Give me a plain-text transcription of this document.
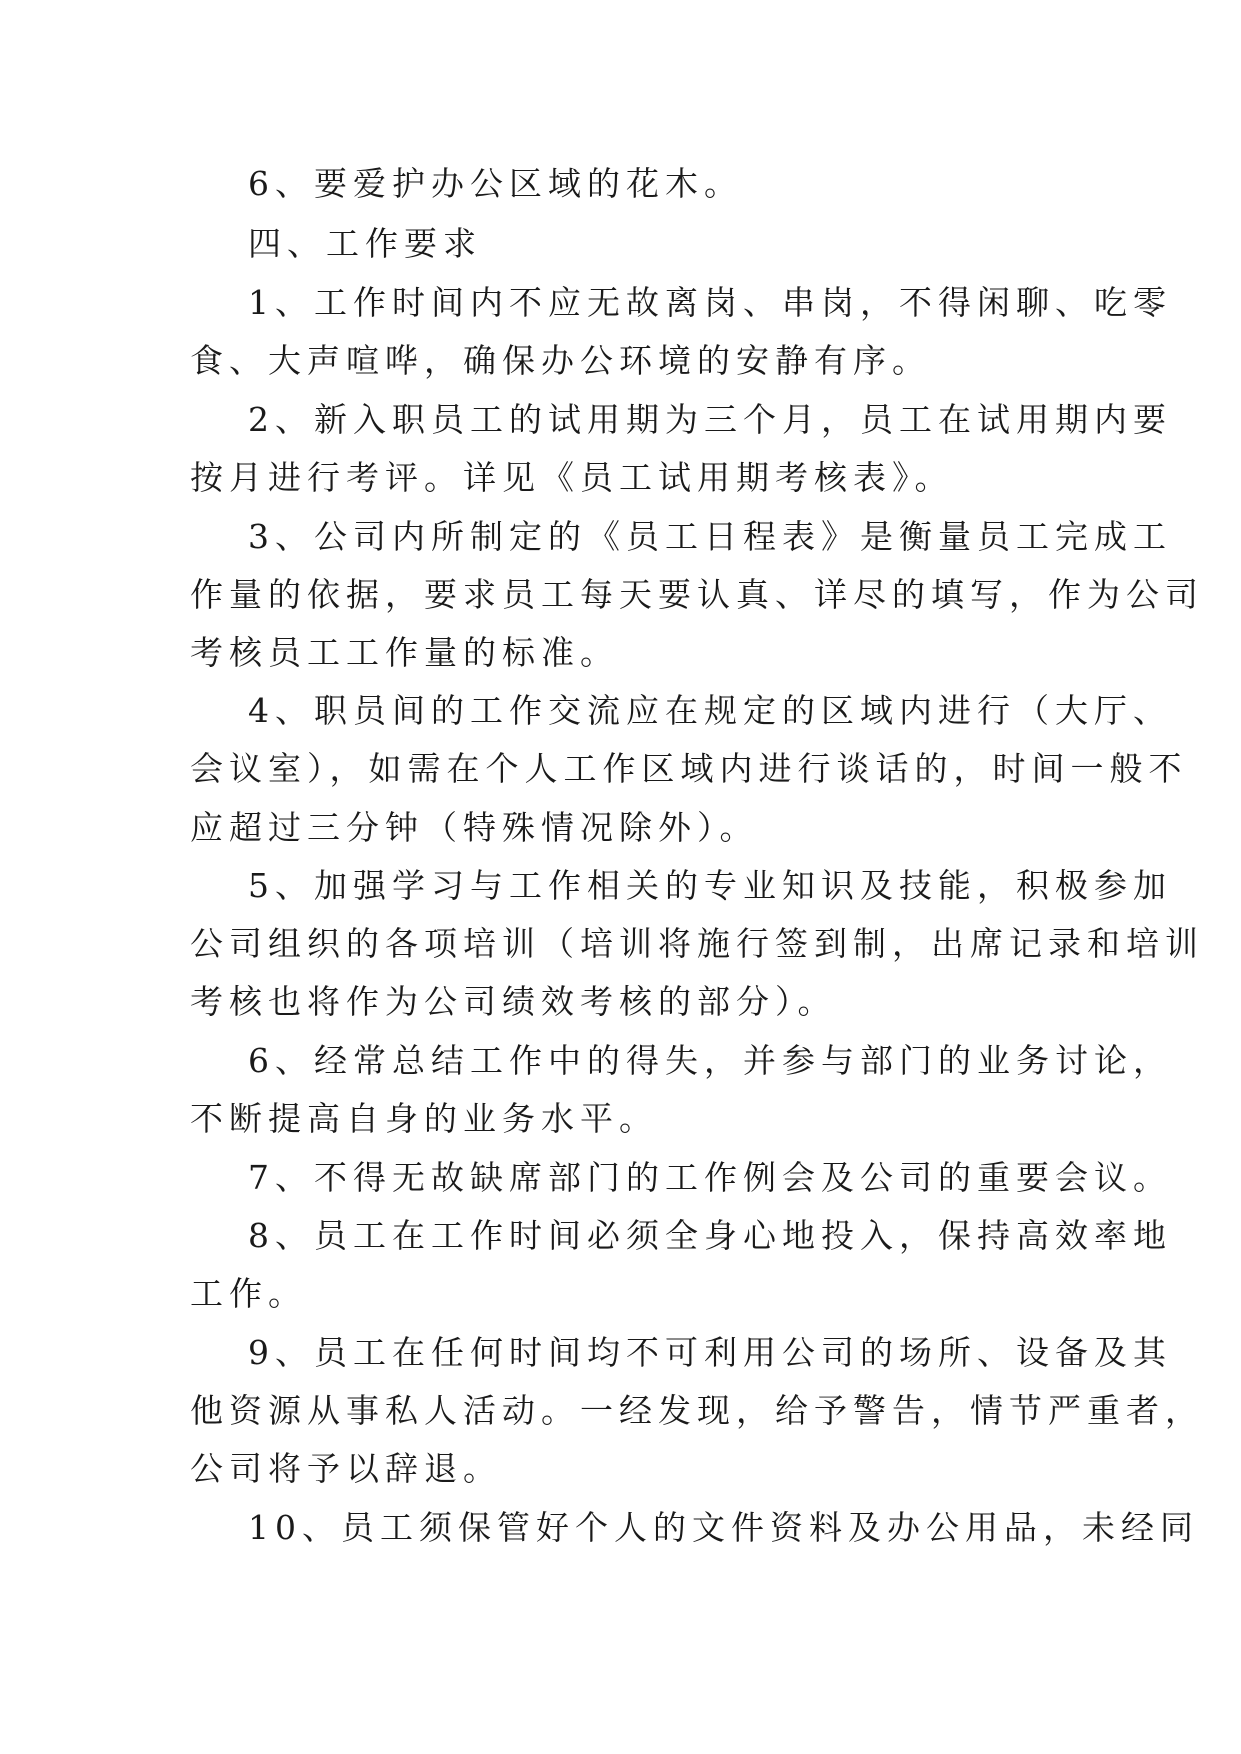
6、要爱护办公区域的花木。

四、工作要求

1、工作时间内不应无故离岗、串岗，不得闲聊、吃零

食、大声喧哗，确保办公环境的安静有序。

2、新入职员工的试用期为三个月，员工在试用期内要

按月进行考评。详见《员工试用期考核表》。

3、公司内所制定的《员工日程表》是衡量员工完成工

作量的依据，要求员工每天要认真、详尽的填写，作为公司

考核员工工作量的标准。

4、职员间的工作交流应在规定的区域内进行（大厅、

会议室），如需在个人工作区域内进行谈话的，时间一般不

应超过三分钟（特殊情况除外）。

5、加强学习与工作相关的专业知识及技能，积极参加

公司组织的各项培训（培训将施行签到制，出席记录和培训

考核也将作为公司绩效考核的部分）。

6、经常总结工作中的得失，并参与部门的业务讨论，

不断提高自身的业务水平。

7、不得无故缺席部门的工作例会及公司的重要会议。

8、员工在工作时间必须全身心地投入，保持高效率地

工作。

9、员工在任何时间均不可利用公司的场所、设备及其

他资源从事私人活动。一经发现，给予警告，情节严重者，

公司将予以辞退。

10、员工须保管好个人的文件资料及办公用品，未经同
